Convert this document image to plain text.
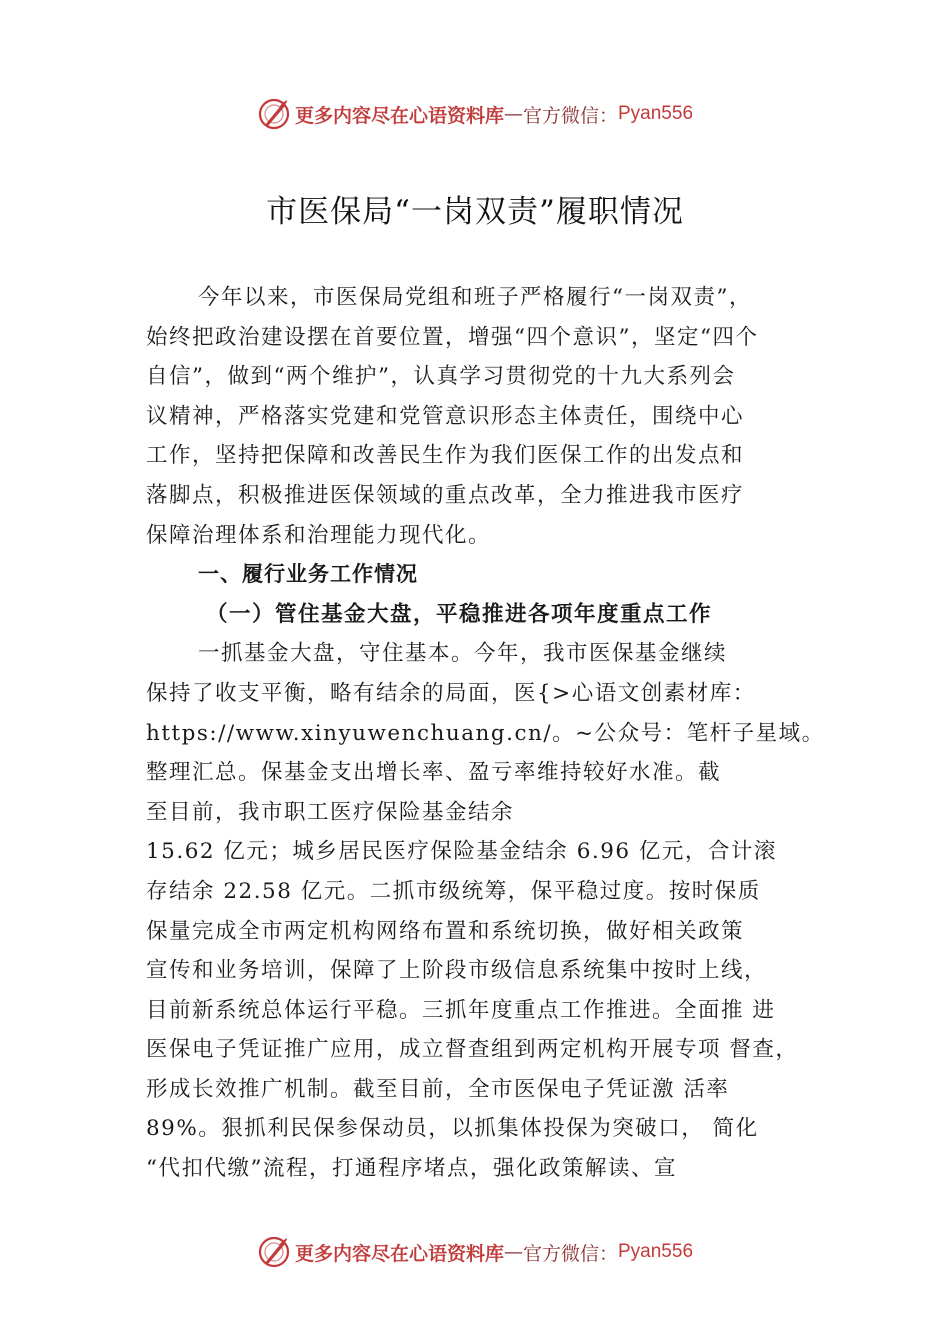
更多内容尽在心语资料库 — 官方微信： Pyan556
市医保局“一岗双责”履职情况
今年以来，市医保局党组和班子严格履行“一岗双责”，
始终把政治建设摆在首要位置，增强“四个意识”，坚定“四个
自信”，做到“两个维护”，认真学习贯彻党的十九大系列会
议精神，严格落实党建和党管意识形态主体责任，围绕中心
工作，坚持把保障和改善民生作为我们医保工作的出发点和
落脚点，积极推进医保领域的重点改革，全力推进我市医疗
保障治理体系和治理能力现代化。
一、履行业务工作情况
（一）管住基金大盘，平稳推进各项年度重点工作
一抓基金大盘，守住基本。今年，我市医保基金继续
保持了收支平衡，略有结余的局面，医{>心语文创素材库：
https://www.xinyuwenchuang.cn/。~公众号：笔杆子星域。
整理汇总。保基金支出增长率、盈亏率维持较好水准。截
至目前，我市职工医疗保险基金结余
15.62 亿元；城乡居民医疗保险基金结余 6.96 亿元，合计滚
存结余 22.58 亿元。二抓市级统筹，保平稳过度。按时保质
保量完成全市两定机构网络布置和系统切换，做好相关政策
宣传和业务培训，保障了上阶段市级信息系统集中按时上线，
目前新系统总体运行平稳。三抓年度重点工作推进。全面推 进
医保电子凭证推广应用，成立督查组到两定机构开展专项 督查，
形成长效推广机制。截至目前，全市医保电子凭证激 活率
89%。狠抓利民保参保动员，以抓集体投保为突破口， 简化
“代扣代缴”流程，打通程序堵点，强化政策解读、宣
更多内容尽在心语资料库 — 官方微信： Pyan556
